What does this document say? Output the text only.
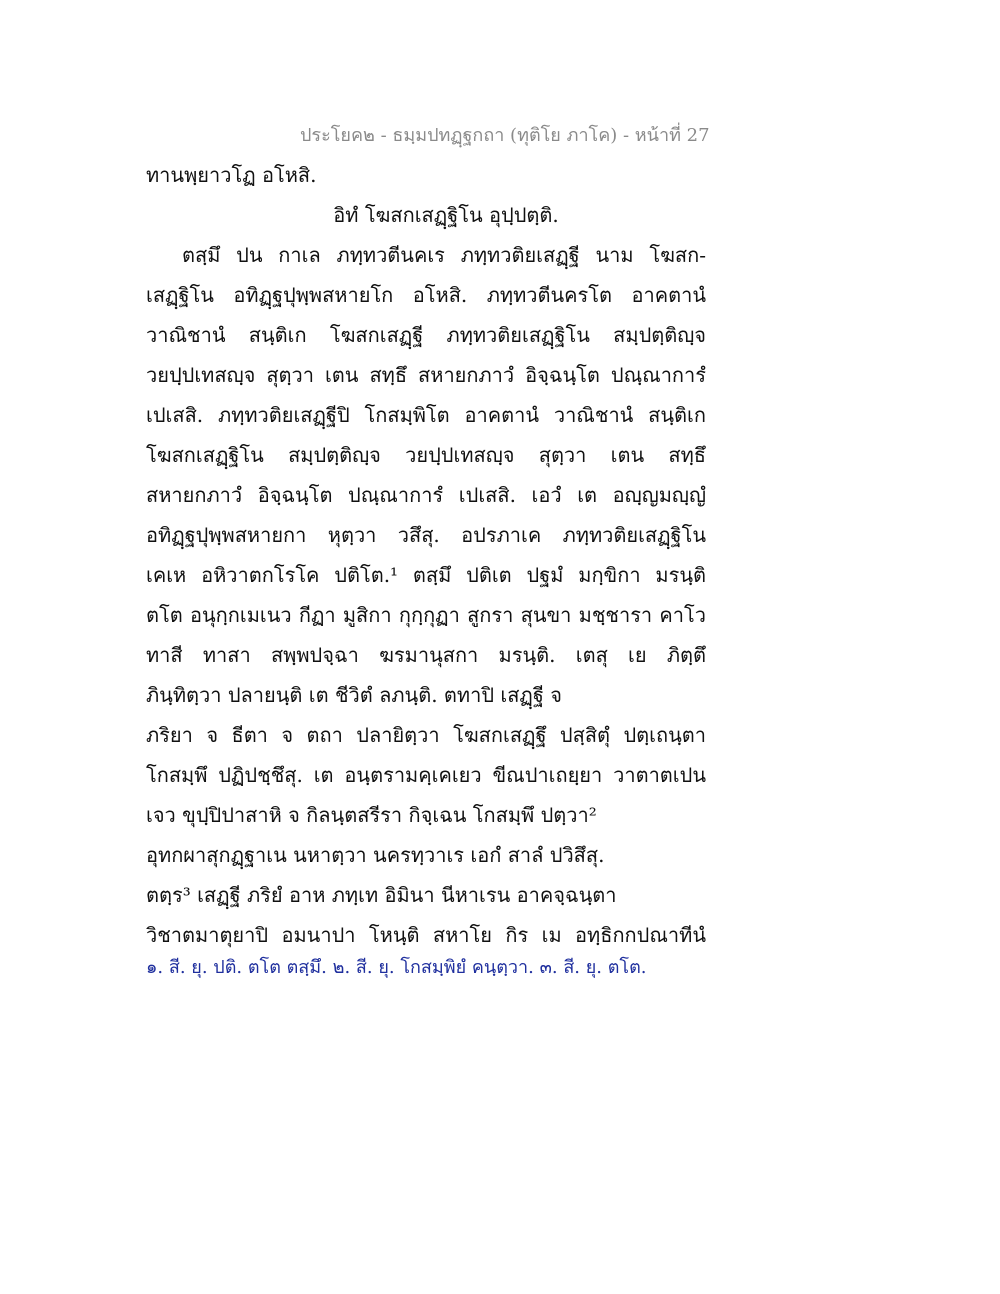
ประโยค๒ - ธมฺมปทฏฺฐกถา (ทุติโย ภาโค) - หน้าที่ 27
ทานพฺยาวโฏ อโหสิ.
อิทํ โฆสกเสฏฺฐิโน อุปฺปตฺติ.
ตสฺมึ ปน กาเล ภทฺทวตีนคเร ภทฺทวติยเสฏฺฐี นาม โฆสก-
เสฏฺฐิโน อทิฏฺฐปุพฺพสหายโก อโหสิ. ภทฺทวตีนครโต อาคตานํ
วาณิชานํ สนฺติเก โฆสกเสฏฺฐี ภทฺทวติยเสฏฺฐิโน สมฺปตฺติญฺจ
วยปฺปเทสญฺจ สุตฺวา เตน สทฺธึ สหายกภาวํ อิจฺฉนฺโต ปณฺณาการํ
เปเสสิ. ภทฺทวติยเสฏฺฐีปิ โกสมฺพิโต อาคตานํ วาณิชานํ สนฺติเก
โฆสกเสฏฺฐิโน สมฺปตฺติญฺจ วยปฺปเทสญฺจ สุตฺวา เตน สทฺธึ
สหายกภาวํ อิจฺฉนฺโต ปณฺณาการํ เปเสสิ. เอวํ เต อญฺญมญฺญํ
อทิฏฺฐปุพฺพสหายกา หุตฺวา วสึสุ. อปรภาเค ภทฺทวติยเสฏฺฐิโน
เคเห อหิวาตกโรโค ปติโต.¹ ตสฺมึ ปติเต ปฐมํ มกฺขิกา มรนฺติ
ตโต อนุกฺกเมเนว กีฏา มูสิกา กุกฺกุฏา สูกรา สุนขา มชฺชารา คาโว
ทาสี ทาสา สพฺพปจฺฉา ฆรมานุสกา มรนฺติ. เตสุ เย ภิตฺตึ
ภินฺทิตฺวา ปลายนฺติ เต ชีวิตํ ลภนฺติ. ตทาปิ เสฏฺฐี จ
ภริยา จ ธีตา จ ตถา ปลายิตฺวา โฆสกเสฏฺฐึ ปสฺสิตุํ ปตฺเถนฺตา
โกสมฺพึ ปฏิปชฺชึสุ. เต อนฺตรามคฺเคเยว ขีณปาเถยฺยา วาตาตเปน
เจว ขุปฺปิปาสาหิ จ กิลนฺตสรีรา กิจฺเฉน โกสมฺพึ ปตฺวา²
อุทกผาสุกฏฺฐาเน นหาตฺวา นครทฺวาเร เอกํ สาลํ ปวิสึสุ.
ตตฺร³ เสฏฺฐี ภริยํ อาห ภทฺเท อิมินา นีหาเรน อาคจฺฉนฺตา
วิชาตมาตุยาปิ อมนาปา โหนฺติ สหาโย กิร เม อทฺธิกกปณาทีนํ
๑. สี. ยุ. ปติ. ตโต ตสฺมึ. ๒. สี. ยุ. โกสมฺพิยํ คนฺตฺวา. ๓. สี. ยุ. ตโต.
